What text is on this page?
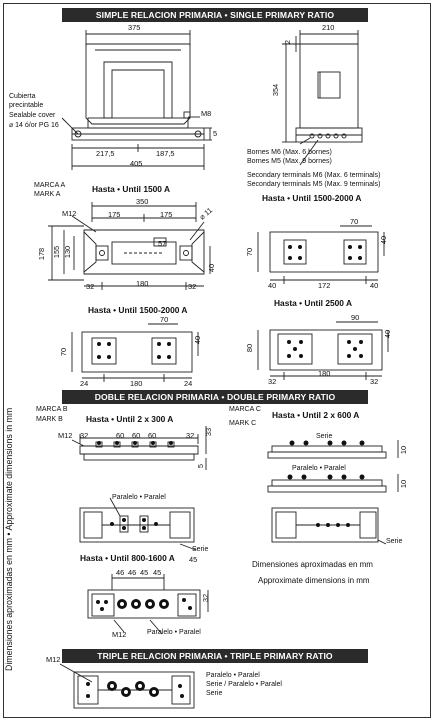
SIMPLE RELACION PRIMARIA • SINGLE PRIMARY RATIO
DOBLE RELACION PRIMARIA • DOUBLE PRIMARY RATIO
TRIPLE RELACION PRIMARIA • TRIPLE PRIMARY RATIO
Dimensiones aproximadas en mm • Approximate dimensions in mm
375
217,5	187,5
405
M8
5
Cubierta
precintable
Sealable cover
⌀ 14 ó/or PG 16
210
354
2
Bornes M6 (Max. 6 bornes)
Bornes M5 (Max. 9 bornes)
Secondary terminals M6 (Max. 6 terminals)
Secondary terminals M5 (Max. 9 terminals)
MARCA A
MARK A
Hasta • Until 1500 A
350
175	175
M12	⌀ 11
57
178 155 130
40
32	180	32
Hasta • Until 1500-2000 A
70
40
70
40	172	40
Hasta • Until 1500-2000 A
70
40
70
24	180	24
Hasta • Until 2500 A
90
40
80
32
180
32
MARCA B
MARK B
MARCA C
MARK C
Hasta • Until 2 x 300 A
M12 32	60 60 60	32 33
5
Paralelo • Paralel
Serie
Hasta • Until 2 x 600 A
Serie
Paralelo • Paralel
10
10
Serie
Hasta • Until 800-1600 A 45
46 46 45 45
32
M12	Paralelo • Paralel
Dimensiones aproximadas en mm
Approximate dimensions in mm
M12
Paralelo • Paralel
Serie / Paralelo • Paralel
Serie
